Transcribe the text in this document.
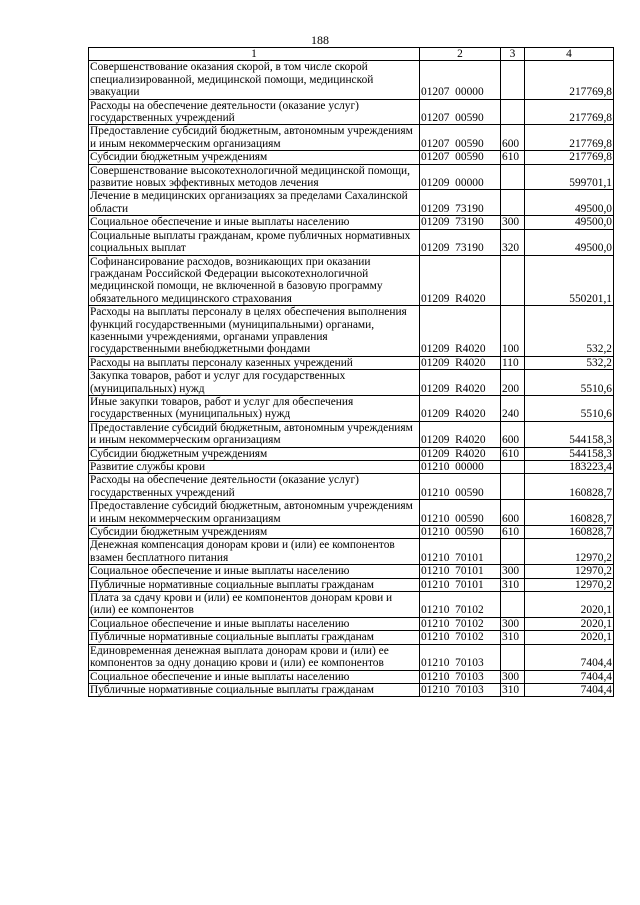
188
1	2	3	4
Совершенствование оказания скорой, в том числе скорой специализированной, медицинской помощи, медицинской эвакуации	01207  00000		217769,8
Расходы на обеспечение деятельности (оказание услуг) государственных учреждений	01207  00590		217769,8
Предоставление субсидий бюджетным, автономным учреждениям и иным некоммерческим организациям	01207  00590	600	217769,8
Субсидии бюджетным учреждениям	01207  00590	610	217769,8
Совершенствование высокотехнологичной медицинской помощи, развитие новых эффективных методов лечения	01209  00000		599701,1
Лечение в медицинских организациях за пределами Сахалинской области	01209  73190		49500,0
Социальное обеспечение и иные выплаты населению	01209  73190	300	49500,0
Социальные выплаты гражданам, кроме публичных нормативных социальных выплат	01209  73190	320	49500,0
Софинансирование расходов, возникающих при оказании гражданам Российской Федерации высокотехнологичной медицинской помощи, не включенной в базовую программу обязательного медицинского страхования	01209  R4020		550201,1
Расходы на выплаты персоналу в целях обеспечения выполнения функций государственными (муниципальными) органами, казенными учреждениями, органами управления государственными внебюджетными фондами	01209  R4020	100	532,2
Расходы на выплаты персоналу казенных учреждений	01209  R4020	110	532,2
Закупка товаров, работ и услуг для государственных (муниципальных) нужд	01209  R4020	200	5510,6
Иные закупки товаров, работ и услуг для обеспечения государственных (муниципальных) нужд	01209  R4020	240	5510,6
Предоставление субсидий бюджетным, автономным учреждениям и иным некоммерческим организациям	01209  R4020	600	544158,3
Субсидии бюджетным учреждениям	01209  R4020	610	544158,3
Развитие службы крови	01210  00000		183223,4
Расходы на обеспечение деятельности (оказание услуг) государственных учреждений	01210  00590		160828,7
Предоставление субсидий бюджетным, автономным учреждениям и иным некоммерческим организациям	01210  00590	600	160828,7
Субсидии бюджетным учреждениям	01210  00590	610	160828,7
Денежная компенсация донорам крови и (или) ее компонентов взамен бесплатного питания	01210  70101		12970,2
Социальное обеспечение и иные выплаты населению	01210  70101	300	12970,2
Публичные нормативные социальные выплаты гражданам	01210  70101	310	12970,2
Плата за сдачу крови и (или) ее компонентов донорам крови и (или) ее компонентов	01210  70102		2020,1
Социальное обеспечение и иные выплаты населению	01210  70102	300	2020,1
Публичные нормативные социальные выплаты гражданам	01210  70102	310	2020,1
Единовременная денежная выплата донорам крови и (или) ее компонентов за одну донацию крови и (или) ее компонентов	01210  70103		7404,4
Социальное обеспечение и иные выплаты населению	01210  70103	300	7404,4
Публичные нормативные социальные выплаты гражданам	01210  70103	310	7404,4
